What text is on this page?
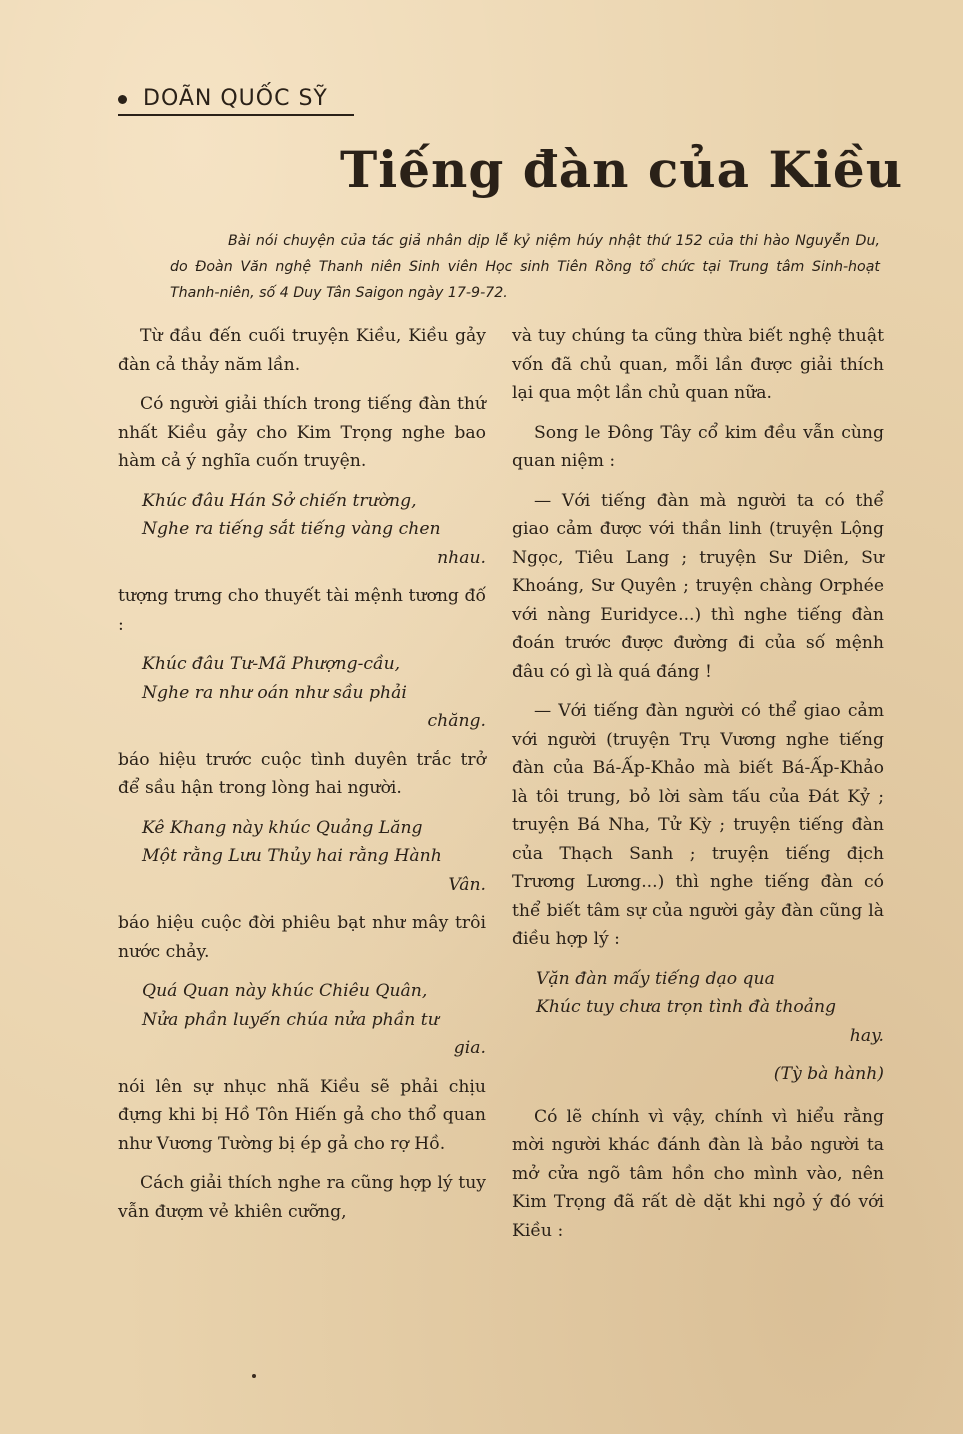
DOÃN QUỐC SỸ
Tiếng đàn của Kiều

Bài nói chuyện của tác giả nhân dịp lễ kỷ niệm húy nhật thứ 152 của thi hào Nguyễn Du, do Đoàn Văn nghệ Thanh niên Sinh viên Học sinh Tiên Rồng tổ chức tại Trung tâm Sinh-hoạt Thanh-niên, số 4 Duy Tân Saigon ngày 17-9-72.

Từ đầu đến cuối truyện Kiều, Kiều gảy đàn cả thảy năm lần.

Có người giải thích trong tiếng đàn thứ nhất Kiều gảy cho Kim Trọng nghe bao hàm cả ý nghĩa cuốn truyện.

Khúc đâu Hán Sở chiến trường,
Nghe ra tiếng sắt tiếng vàng chen
nhau.

tượng trưng cho thuyết tài mệnh tương đố :

Khúc đâu Tư-Mã Phượng-cầu,
Nghe ra như oán như sầu phải
chăng.

báo hiệu trước cuộc tình duyên trắc trở để sầu hận trong lòng hai người.

Kê Khang này khúc Quảng Lăng
Một rằng Lưu Thủy hai rằng Hành
Vân.

báo hiệu cuộc đời phiêu bạt như mây trôi nước chảy.

Quá Quan này khúc Chiêu Quân,
Nửa phần luyến chúa nửa phần tư
gia.

nói lên sự nhục nhã Kiều sẽ phải chịu đựng khi bị Hồ Tôn Hiến gả cho thổ quan như Vương Tường bị ép gả cho rợ Hồ.

Cách giải thích nghe ra cũng hợp lý tuy vẫn đượm vẻ khiên cưỡng,

và tuy chúng ta cũng thừa biết nghệ thuật vốn đã chủ quan, mỗi lần được giải thích lại qua một lần chủ quan nữa.

Song le Đông Tây cổ kim đều vẫn cùng quan niệm :

— Với tiếng đàn mà người ta có thể giao cảm được với thần linh (truyện Lộng Ngọc, Tiêu Lang ; truyện Sư Diên, Sư Khoáng, Sư Quyên ; truyện chàng Orphée với nàng Euridyce...) thì nghe tiếng đàn đoán trước được đường đi của số mệnh đâu có gì là quá đáng !

— Với tiếng đàn người có thể giao cảm với người (truyện Trụ Vương nghe tiếng đàn của Bá-Ấp-Khảo mà biết Bá-Ấp-Khảo là tôi trung, bỏ lời sàm tấu của Đát Kỷ ; truyện Bá Nha, Tử Kỳ ; truyện tiếng đàn của Thạch Sanh ; truyện tiếng địch Trương Lương...) thì nghe tiếng đàn có thể biết tâm sự của người gảy đàn cũng là điều hợp lý :

Vặn đàn mấy tiếng dạo qua
Khúc tuy chưa trọn tình đà thoảng
hay.
(Tỳ bà hành)

Có lẽ chính vì vậy, chính vì hiểu rằng mời người khác đánh đàn là bảo người ta mở cửa ngõ tâm hồn cho mình vào, nên Kim Trọng đã rất dè dặt khi ngỏ ý đó với Kiều :
